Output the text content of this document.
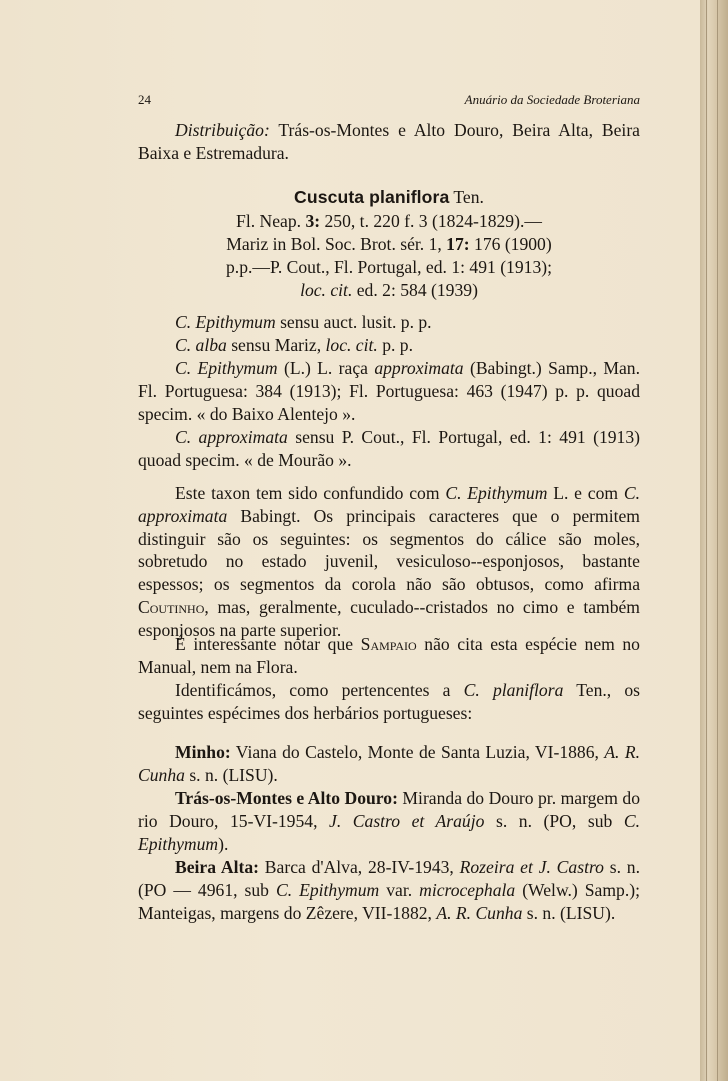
24	Anuário da Sociedade Broteriana
Distribuição: Trás-os-Montes e Alto Douro, Beira Alta, Beira Baixa e Estremadura.
Cuscuta planiflora Ten.
Fl. Neap. 3: 250, t. 220 f. 3 (1824-1829).—
Mariz in Bol. Soc. Brot. sér. 1, 17: 176 (1900)
p.p.—P. Cout., Fl. Portugal, ed. 1: 491 (1913);
loc. cit. ed. 2: 584 (1939)
C. Epithymum sensu auct. lusit. p. p.
C. alba sensu Mariz, loc. cit. p. p.
C. Epithymum (L.) L. raça approximata (Babingt.) Samp., Man. Fl. Portuguesa: 384 (1913); Fl. Portuguesa: 463 (1947) p. p. quoad specim. « do Baixo Alentejo ».
C. approximata sensu P. Cout., Fl. Portugal, ed. 1: 491 (1913) quoad specim. « de Mourão ».
Este taxon tem sido confundido com C. Epithymum L. e com C. approximata Babingt. Os principais caracteres que o permitem distinguir são os seguintes: os segmentos do cálice são moles, sobretudo no estado juvenil, vesiculoso--esponjosos, bastante espessos; os segmentos da corola não são obtusos, como afirma Coutinho, mas, geralmente, cuculado--cristados no cimo e também esponjosos na parte superior.
É interessante notar que Sampaio não cita esta espécie nem no Manual, nem na Flora.
Identificámos, como pertencentes a C. planiflora Ten., os seguintes espécimes dos herbários portugueses:
Minho: Viana do Castelo, Monte de Santa Luzia, VI-1886, A. R. Cunha s. n. (LISU).
Trás-os-Montes e Alto Douro: Miranda do Douro pr. margem do rio Douro, 15-VI-1954, J. Castro et Araújo s. n. (PO, sub C. Epithymum).
Beira Alta: Barca d'Alva, 28-IV-1943, Rozeira et J. Castro s. n. (PO — 4961, sub C. Epithymum var. microcephala (Welw.) Samp.); Manteigas, margens do Zêzere, VII-1882, A. R. Cunha s. n. (LISU).
